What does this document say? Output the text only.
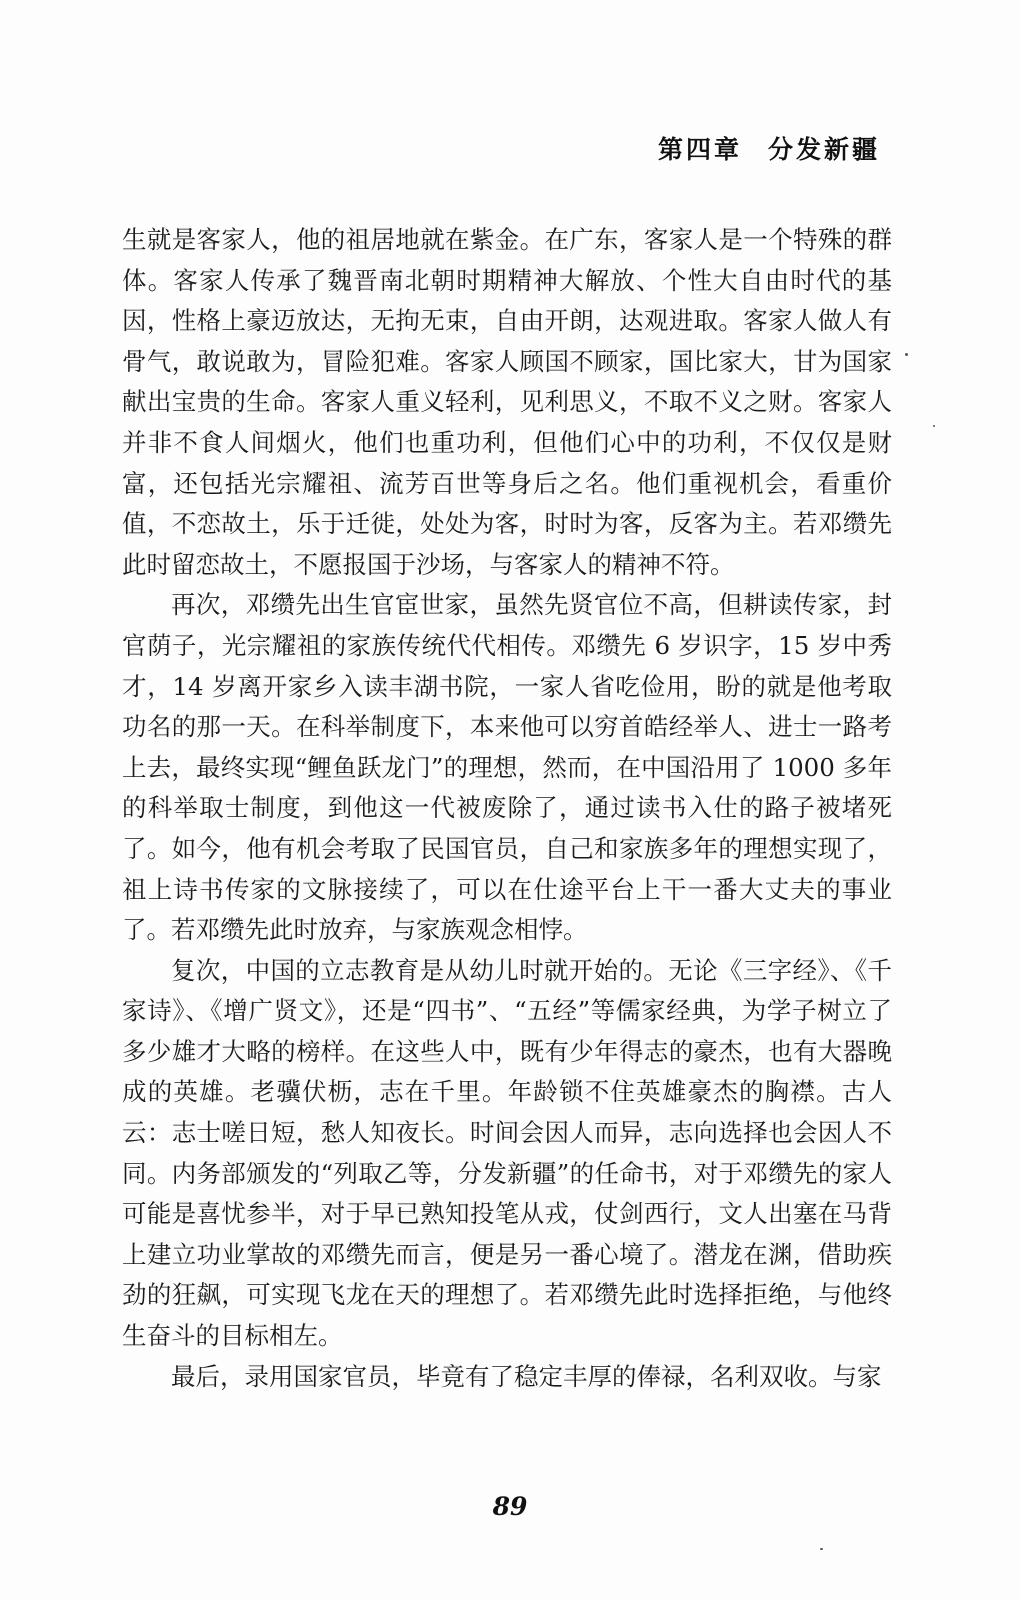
第四章 分发新疆

生就是客家人，他的祖居地就在紫金。在广东，客家人是一个特殊的群体。客家人传承了魏晋南北朝时期精神大解放、个性大自由时代的基因，性格上豪迈放达，无拘无束，自由开朗，达观进取。客家人做人有骨气，敢说敢为，冒险犯难。客家人顾国不顾家，国比家大，甘为国家献出宝贵的生命。客家人重义轻利，见利思义，不取不义之财。客家人并非不食人间烟火，他们也重功利，但他们心中的功利，不仅仅是财富，还包括光宗耀祖、流芳百世等身后之名。他们重视机会，看重价值，不恋故土，乐于迁徙，处处为客，时时为客，反客为主。若邓缵先此时留恋故土，不愿报国于沙场，与客家人的精神不符。

再次，邓缵先出生官宦世家，虽然先贤官位不高，但耕读传家，封官荫子，光宗耀祖的家族传统代代相传。邓缵先 6 岁识字，15 岁中秀才，14 岁离开家乡入读丰湖书院，一家人省吃俭用，盼的就是他考取功名的那一天。在科举制度下，本来他可以穷首皓经举人、进士一路考上去，最终实现“鲤鱼跃龙门”的理想，然而，在中国沿用了 1000 多年的科举取士制度，到他这一代被废除了，通过读书入仕的路子被堵死了。如今，他有机会考取了民国官员，自己和家族多年的理想实现了，祖上诗书传家的文脉接续了，可以在仕途平台上干一番大丈夫的事业了。若邓缵先此时放弃，与家族观念相悖。

复次，中国的立志教育是从幼儿时就开始的。无论《三字经》、《千家诗》、《增广贤文》，还是“四书”、“五经”等儒家经典，为学子树立了多少雄才大略的榜样。在这些人中，既有少年得志的豪杰，也有大器晚成的英雄。老骥伏枥，志在千里。年龄锁不住英雄豪杰的胸襟。古人云：志士嗟日短，愁人知夜长。时间会因人而异，志向选择也会因人不同。内务部颁发的“列取乙等，分发新疆”的任命书，对于邓缵先的家人可能是喜忧参半，对于早已熟知投笔从戎，仗剑西行，文人出塞在马背上建立功业掌故的邓缵先而言，便是另一番心境了。潜龙在渊，借助疾劲的狂飙，可实现飞龙在天的理想了。若邓缵先此时选择拒绝，与他终生奋斗的目标相左。

最后，录用国家官员，毕竟有了稳定丰厚的俸禄，名利双收。与家

89
